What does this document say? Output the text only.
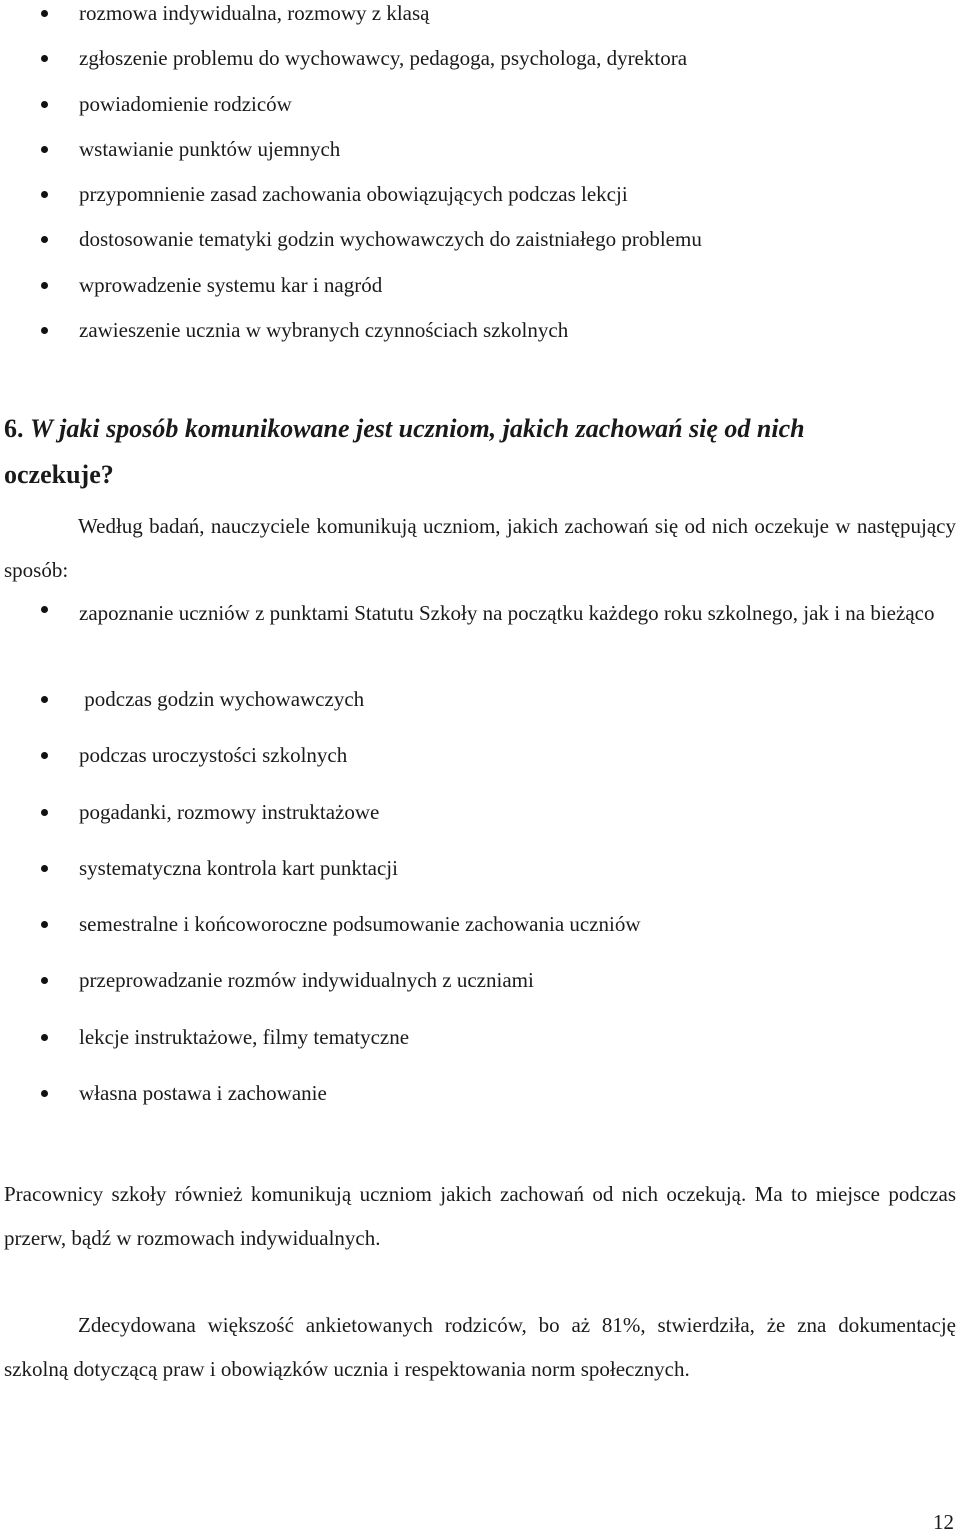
rozmowa indywidualna, rozmowy z klasą
zgłoszenie problemu do wychowawcy, pedagoga, psychologa, dyrektora
powiadomienie rodziców
wstawianie punktów ujemnych
przypomnienie zasad zachowania obowiązujących podczas lekcji
dostosowanie tematyki godzin wychowawczych do zaistniałego problemu
wprowadzenie systemu kar i nagród
zawieszenie ucznia w wybranych czynnościach szkolnych
6. W jaki sposób komunikowane jest uczniom, jakich zachowań się od nich
oczekuje?

Według badań, nauczyciele komunikują uczniom, jakich zachowań się od nich oczekuje w następujący sposób:

zapoznanie uczniów z punktami Statutu Szkoły na początku każdego roku szkolnego, jak i na bieżąco
podczas godzin wychowawczych
podczas uroczystości szkolnych
pogadanki, rozmowy instruktażowe
systematyczna kontrola kart punktacji
semestralne i końcoworoczne podsumowanie zachowania uczniów
przeprowadzanie rozmów indywidualnych z uczniami
lekcje instruktażowe, filmy tematyczne
własna postawa i zachowanie

Pracownicy szkoły również komunikują uczniom jakich zachowań od nich oczekują. Ma to miejsce podczas przerw, bądź w rozmowach indywidualnych.

Zdecydowana większość ankietowanych rodziców, bo aż 81%, stwierdziła, że zna dokumentację szkolną dotyczącą praw i obowiązków ucznia i respektowania norm społecznych.

12
